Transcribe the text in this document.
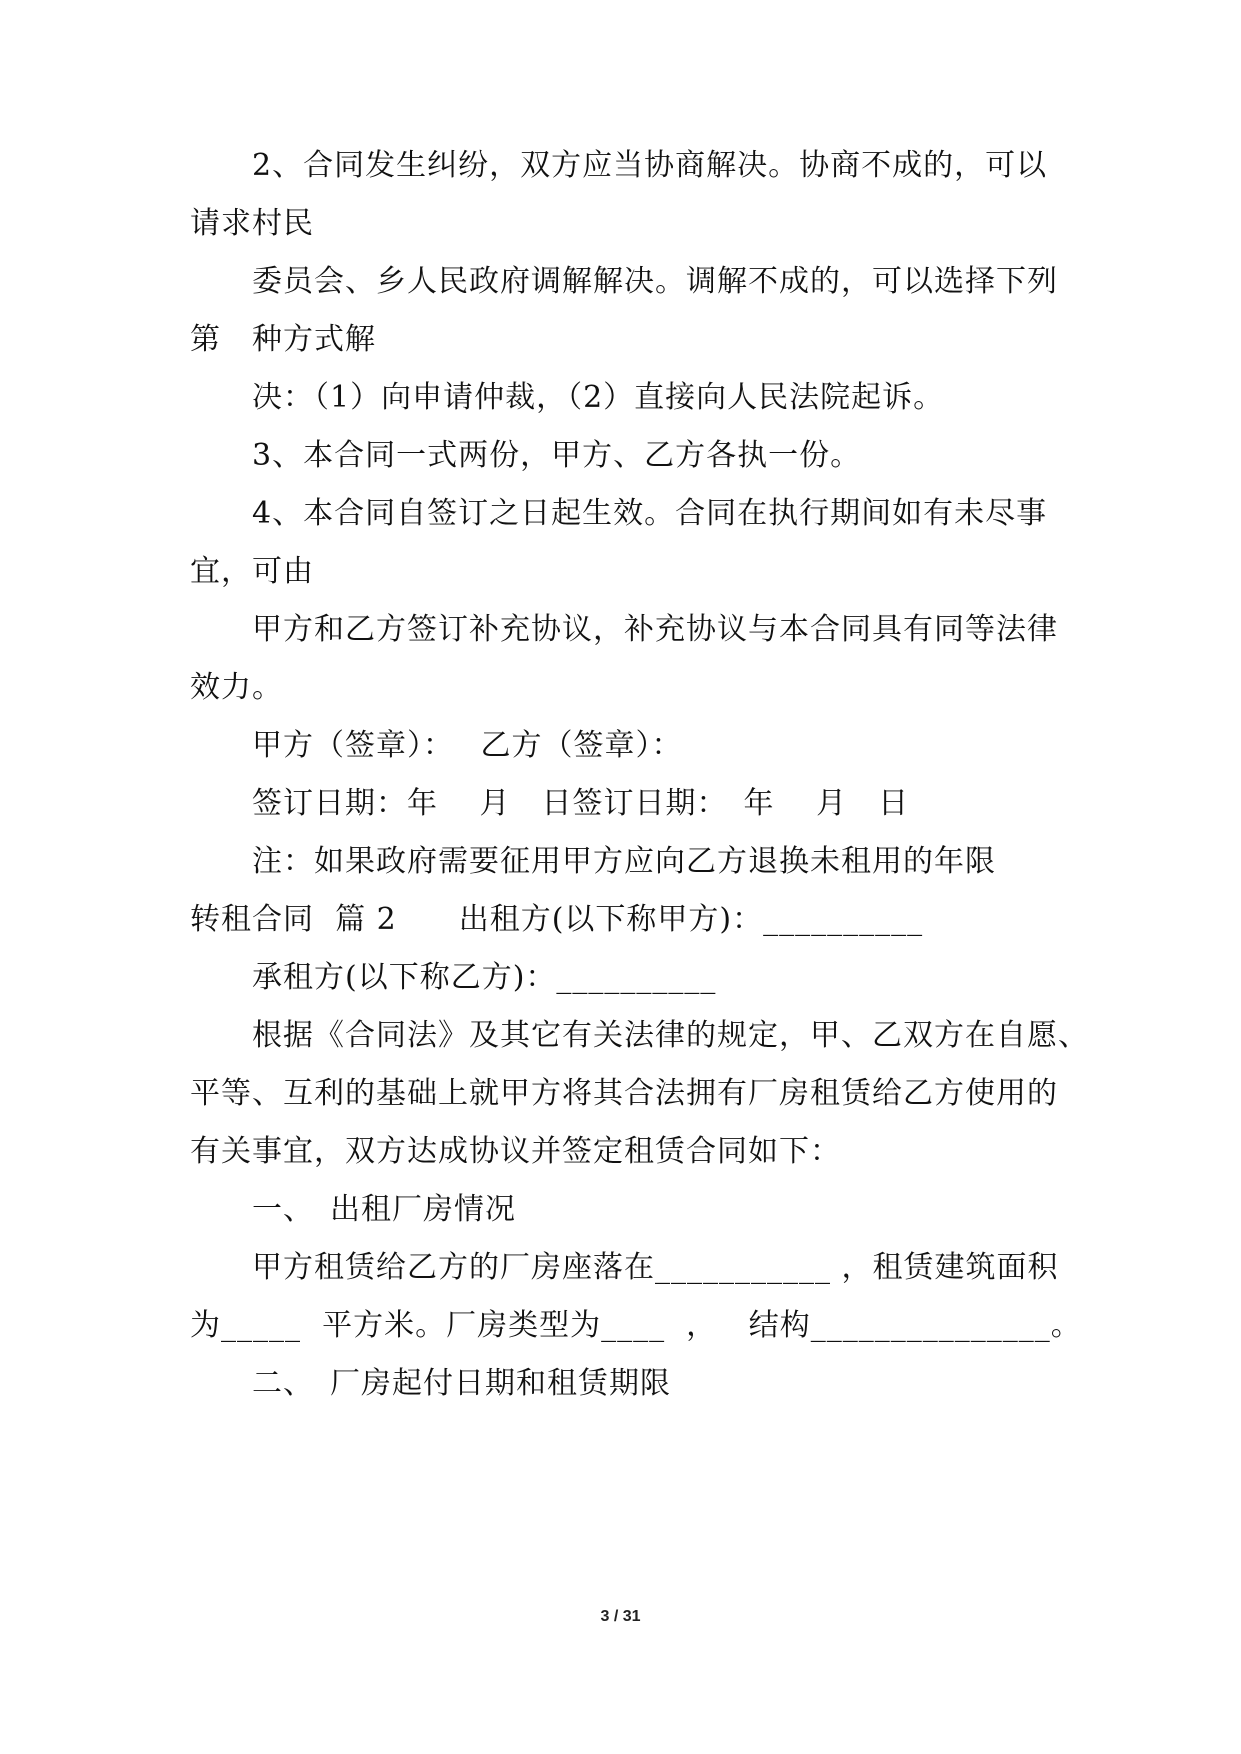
2、合同发生纠纷，双方应当协商解决。协商不成的，可以
请求村民
委员会、乡人民政府调解解决。调解不成的，可以选择下列
第　种方式解
决：（1）向申请仲裁，（2）直接向人民法院起诉。
3、本合同一式两份，甲方、乙方各执一份。
4、本合同自签订之日起生效。合同在执行期间如有未尽事
宜，可由
甲方和乙方签订补充协议，补充协议与本合同具有同等法律
效力。
甲方（签章）：　 乙方（签章）：
签订日期：年　 月　日签订日期：　年　 月　日
注：如果政府需要征用甲方应向乙方退换未租用的年限
转租合同  篇 2　　出租方(以下称甲方)：__________
承租方(以下称乙方)：__________
根据《合同法》及其它有关法律的规定，甲、乙双方在自愿、
平等、互利的基础上就甲方将其合法拥有厂房租赁给乙方使用的
有关事宜，双方达成协议并签定租赁合同如下：
一、　出租厂房情况
甲方租赁给乙方的厂房座落在___________ ，租赁建筑面积
为_____  平方米。厂房类型为____  ，   结构_______________。
二、　厂房起付日期和租赁期限
3 / 31
